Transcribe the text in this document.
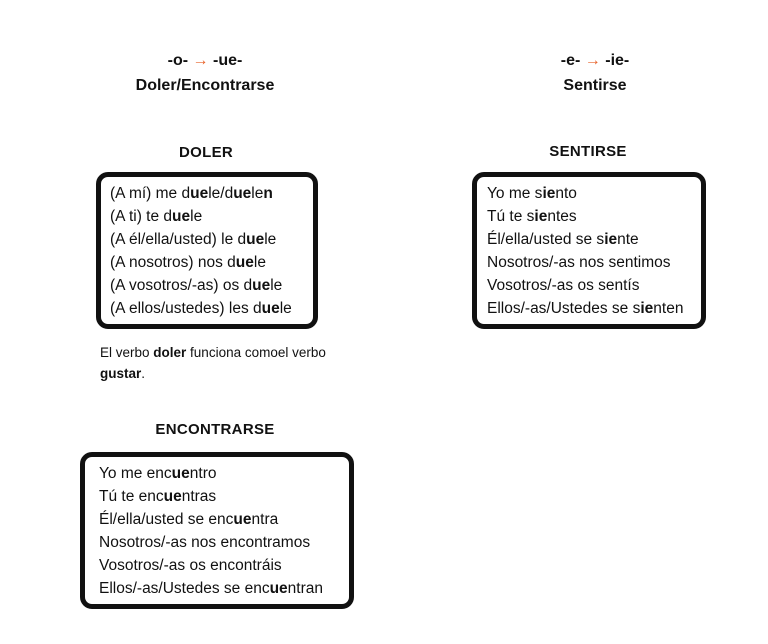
-o- → -ue-
Doler/Encontrarse
-e- → -ie-
Sentirse
DOLER
(A mí) me duele/duelen
(A ti) te duele
(A él/ella/usted) le duele
(A nosotros) nos duele
(A vosotros/-as) os duele
(A ellos/ustedes) les duele
El verbo doler funciona comoel verbo gustar.
SENTIRSE
Yo me siento
Tú te sientes
Él/ella/usted se siente
Nosotros/-as nos sentimos
Vosotros/-as os sentís
Ellos/-as/Ustedes se sienten
ENCONTRARSE
Yo me encuentro
Tú te encuentras
Él/ella/usted se encuentra
Nosotros/-as nos encontramos
Vosotros/-as os encontráis
Ellos/-as/Ustedes se encuentran
